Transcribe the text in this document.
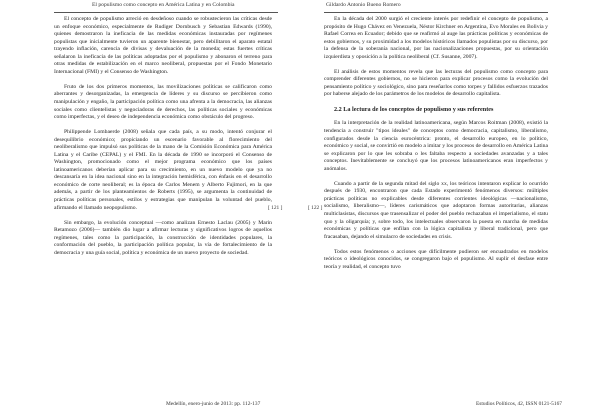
El populismo como concepto en América Latina y en Colombia

El concepto de populismo arreció en desdeñoso cuando se robustecieron las críticas desde un enfoque económico, especialmente de Rudiger Dornbusch y Sebastian Edwards (1990), quienes demostraron la ineficacia de las medidas económicas instauradas por regímenes populistas que inicialmente tuvieron un aparente bienestar, pero debilitaron el aparato estatal trayendo inflación, carencia de divisas y devaluación de la moneda; estas fuertes críticas señalaron la ineficacia de las políticas adoptadas por el populismo y abonaron el terreno para otras medidas de estabilización en el marco neoliberal, propuestas por el Fondo Monetario Internacional (FMI) y el Consenso de Washington.

Fruto de los dos primeros momentos, las movilizaciones políticas se calificaron como aberrantes y desorganizadas, la emergencia de líderes y su discurso se percibieron como manipulación y engaño, la participación política como una afrenta a la democracia, las alianzas sociales como clientelistas y negociadoras de derechos, las políticas sociales y económicas como imperfectas, y el deseo de independencia económica como obstáculo del progreso.

Philippende Lombaerde (2008) señala que cada país, a su modo, intentó conjurar el desequilibrio económico; propiciando un escenario favorable al florecimiento del neoliberalismo que impulsó sus políticas de la mano de la Comisión Económica para América Latina y el Caribe (CEPAL) y el FMI. En la década de 1990 se incorporó el Consenso de Washington, promocionado como el mejor programa económico que los países latinoamericanos deberían aplicar para su crecimiento, en un nuevo modelo que ya no descansaría en la idea nacional sino en la integración hemisférica, con énfasis en el desarrollo económico de corte neoliberal; es la época de Carlos Menem y Alberto Fujimori, en la que además, a partir de los planteamientos de Roberts (1995), se argumenta la continuidad de prácticas políticas personales, estilos y estrategias que manipulan la voluntad del pueblo, afirmando el llamado neopopulismo.

Sin embargo, la evolución conceptual —como analizan Ernesto Laclau (2005) y Marin Retamozo (2006)— también dio lugar a afirmar lecturas y significativos logros de aquellos regímenes, tales como la participación, la construcción de identidades populares, la conformación del pueblo, la participación política popular, la vía de fortalecimiento de la democracia y una guía social, política y económica de un nuevo proyecto de sociedad.

[ 121 ]
Medellín, enero-junio de 2013: pp. 112-137
Gildardo Antonio Bueno Romero

En la década del 2000 surgió el creciente interés por redefinir el concepto de populismo, a propósito de Hugo Chávez en Venezuela, Néstor Kirchner en Argentina, Evo Morales en Bolivia y Rafael Correa en Ecuador; debido que se reafirmó al auge las prácticas políticas y económicas de estos gobiernos, y su proximidad a los modelos históricos llamados populistas por su discurso, por la defensa de la soberanía nacional, por las nacionalizaciones propuestas, por su orientación izquierdista y oposición a la política neoliberal (Cf. Susanne, 2007).

El análisis de estos momentos revela que las lecturas del populismo como concepto para comprender diferentes gobiernos, no se hicieron para explicar procesos como la evolución del pensamiento político y sociológico, sino para reseñarlos como torpes y fallidos esfuerzos trazados por haberse alejado de los parámetros de los modelos de desarrollo capitalista.

2.2 La lectura de los conceptos de populismo y sus referentes

En la interpretación de la realidad latinoamericana, según Marcos Roitman (2008), existió la tendencia a construir "tipos ideales" de conceptos como democracia, capitalismo, liberalismo, configurados desde la ciencia eurocéntrica: pronto, el desarrollo europeo, en lo político, económico y social, se convirtió en modelo a imitar y los procesos de desarrollo en América Latina se explicaron por lo que les sobraba o les faltaba respecto a sociedades avanzadas y a tales conceptos. Inevitablemente se concluyó que los procesos latinoamericanos eran imperfectos y anómalos.

Cuando a partir de la segunda mitad del siglo xx, los teóricos intentaron explicar lo ocurrido después de 1930, encontraron que cada Estado experimentó fenómenos diversos: múltiples prácticas políticas no explicables desde diferentes corrientes ideológicas —nacionalismo, socialismo, liberalismo—, líderes carismáticos que adoptaron formas autoritarias, alianzas multiclasistas, discursos que trasensalizar el poder del pueblo rechazaban el imperialismo, el statu quo y la oligarquía; y, sobre todo, los intelectuales observaron la puesta en marcha de medidas económicas y políticas que enfilan con la lógica capitalista y liberal tradicional, pero que fracasaban, dejando el simulacro de sociedades en crisis.

Todos estos fenómenos o acciones que difícilmente pudieron ser encuadrados en modelos teóricos o ideológicos conocidos, se congregaron bajo el populismo. Al suplir el desfase entre teoría y realidad, el concepto tuvo

[ 122 ]
Estudios Políticos, 42, ISSN 0121-5167
